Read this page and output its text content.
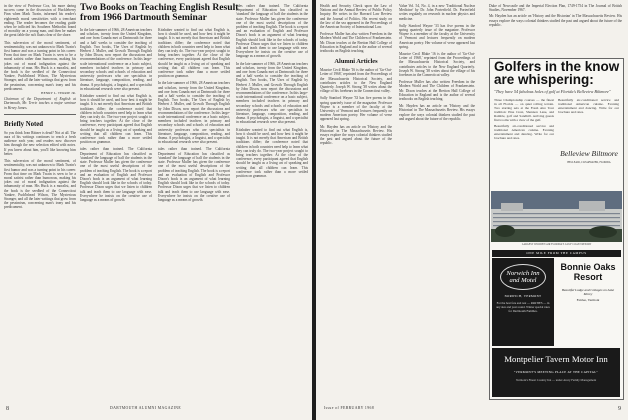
in the view of Professor Cox, his more daring success came in the discussion of Huckleberry Finn when Mark Twain, informed his reader's eighteenth moral sensitivities with a trenchant ending. The reader becomes the reading guide when he inflicted his Southern Methodist brand of morality on a young man, and then he makes the great fable the raft floats clear of the shore.

This subversion of the moral sentiment, of sentimentality, was not unknown to Mark Twain's first humor and was a turning point in his career. From that time on Mark Twain is seen to be a moral satirist rather than humorous, making his jokes out of moral indignation against the inhumanity of man. His Huck is a moralist, and the book is the seedbed of the Connecticut Yankee, Pudd'nhead Wilson, The Mysterious Stranger, and all the later writings that grow from the pessimism, concerning man's irony and his predicament.

HENRY L. TERRIE JR.

Chairman of the Department of English at Dartmouth, Mr. Terrie teaches a major seminar in Henry James.

Briefly Noted

So you think Ivan Rittner is dead? Not at all. The aura of his writings continues to reach a fresh audience each year, and readers now discover him through the new selection edited with notes. If you knew about him, you'll like knowing him better.

This subversion of the moral sentiment, of sentimentality, was not unknown to Mark Twain's first humor and was a turning point in his career. From that time on Mark Twain is seen to be a moral satirist rather than humorous, making his jokes out of moral indignation against the inhumanity of man. His Huck is a moralist, and the book is the seedbed of the Connecticut Yankee, Pudd'nhead Wilson, The Mysterious Stranger, and all the later writings that grow from the pessimism, concerning man's irony and his predicament.

Two Books on Teaching English Result from 1966 Dartmouth Seminar

In the late summer of 1966, 28 American teachers and scholars, twenty from the United Kingdom, and one from Canada met at Dartmouth for three and a half weeks to consider the teaching of English. Two books, The Uses of English by Herbert J. Muller, and Growth Through English by John Dixon, now report the discussions and recommendations of the conference. In this large-scale international conference on a basic subject, members included teachers in primary and secondary schools and schools of education and university professors who are specialists in literature, language, composition, reading, and drama. A psychologist, a linguist, and a specialist in educational research were also present.

Kitzhaber wanted to find out what English is, how it should be used, and how best it might be taught. It is not merely that American and British traditions differ; the conference noted that children in both countries need help to learn what they can truly do. The two-year project sought to bring teachers together. At the close of the conference, every participant agreed that English should be taught as a living art of speaking and writing that all children can learn. This conference took rather than a more settled position on grammar.

tales rather than trained. The California Department of Education has classified as 'standard' the language of half the students in the state. Professor Muller has given the conference one of the most useful descriptions of the problem of teaching English. The book is a report and an evaluation of English and Professor Dixon's book is an argument of what learning English should look like in the schools of today. Professor Dixon urges that we listen to children talk and teach them to use language with ease. Everywhere he insists on the creative use of language as a means of growth.

Kitzhaber wanted to find out what English is, how it should be used, and how best it might be taught. It is not merely that American and British traditions differ; the conference noted that children in both countries need help to learn what they can truly do. The two-year project sought to bring teachers together. At the close of the conference, every participant agreed that English should be taught as a living art of speaking and writing that all children can learn. This conference took rather than a more settled position on grammar.

In the late summer of 1966, 28 American teachers and scholars, twenty from the United Kingdom, and one from Canada met at Dartmouth for three and a half weeks to consider the teaching of English. Two books, The Uses of English by Herbert J. Muller, and Growth Through English by John Dixon, now report the discussions and recommendations of the conference. In this large-scale international conference on a basic subject, members included teachers in primary and secondary schools and schools of education and university professors who are specialists in literature, language, composition, reading, and drama. A psychologist, a linguist, and a specialist in educational research were also present.

tales rather than trained. The California Department of Education has classified as 'standard' the language of half the students in the state. Professor Muller has given the conference one of the most useful descriptions of the problem of teaching English. The book is a report and an evaluation of English and Professor Dixon's book is an argument of what learning English should look like in the schools of today. Professor Dixon urges that we listen to children talk and teach them to use language with ease. Everywhere he insists on the creative use of language as a means of growth.

tales rather than trained. The California Department of Education has classified as 'standard' the language of half the students in the state. Professor Muller has given the conference one of the most useful descriptions of the problem of teaching English. The book is a report and an evaluation of English and Professor Dixon's book is an argument of what learning English should look like in the schools of today. Professor Dixon urges that we listen to children talk and teach them to use language with ease. Everywhere he insists on the creative use of language as a means of growth.

In the late summer of 1966, 28 American teachers and scholars, twenty from the United Kingdom, and one from Canada met at Dartmouth for three and a half weeks to consider the teaching of English. Two books, The Uses of English by Herbert J. Muller, and Growth Through English by John Dixon, now report the discussions and recommendations of the conference. In this large-scale international conference on a basic subject, members included teachers in primary and secondary schools and schools of education and university professors who are specialists in literature, language, composition, reading, and drama. A psychologist, a linguist, and a specialist in educational research were also present.

Kitzhaber wanted to find out what English is, how it should be used, and how best it might be taught. It is not merely that American and British traditions differ; the conference noted that children in both countries need help to learn what they can truly do. The two-year project sought to bring teachers together. At the close of the conference, every participant agreed that English should be taught as a living art of speaking and writing that all children can learn. This conference took rather than a more settled position on grammar.

8	DARTMOUTH ALUMNI MAGAZINE

Health and Security Check upon the Law of Nations and the Annual Review of Public Policy Inquiry. He writes in the Harvard Law Review and the Journal of Politics. His recent study on the law of the sea appeared in the Proceedings of the American Society of International Law.

Professor Muller has also written Freedom in the Modern World and The Children of Frankenstein. Mr. Dixon teaches at the Bretton Hall College of Education in England and is the author of several textbooks on English teaching.

Alumni Articles

Maurice Cecil Blake '16 is the author of 'Go-Out-Letter of 1968,' reprinted from the Proceedings of the Massachusetts Historical Society, and contributes articles to the New England Quarterly. Joseph W. Strong '38 writes about the village of his forebears in the Connecticut valley.

Sully Stanford Wayne '33 has five poems in the spring quarterly issue of the magazine. Professor Wayne is a member of the faculty at the University of Vermont and lectures frequently on modern American poetry. Her volume of verse appeared last spring.

Mr. Hayden has an article on 'History and the Historian' in The Massachusetts Review. His essays explore the ways colonial thinkers studied the past and argued about the future of the republic.

Value Vol. 54, No. 4, in a new 'Traditional Nuclear Medicine' by Dr. John Porterfield. Dr. Porterfield writes regularly on research in nuclear physics and medicine.

Sully Stanford Wayne '33 has five poems in the spring quarterly issue of the magazine. Professor Wayne is a member of the faculty at the University of Vermont and lectures frequently on modern American poetry. Her volume of verse appeared last spring.

Maurice Cecil Blake '16 is the author of 'Go-Out-Letter of 1968,' reprinted from the Proceedings of the Massachusetts Historical Society, and contributes articles to the New England Quarterly. Joseph W. Strong '38 writes about the village of his forebears in the Connecticut valley.

Professor Muller has also written Freedom in the Modern World and The Children of Frankenstein. Mr. Dixon teaches at the Bretton Hall College of Education in England and is the author of several textbooks on English teaching.

Mr. Hayden has an article on 'History and the Historian' in The Massachusetts Review. His essays explore the ways colonial thinkers studied the past and argued about the future of the republic.

Duke of Newcastle and the Imperial Election Plan, 1749-1754 in The Journal of British Studies, November 1967.

Mr. Hayden has an article on 'History and the Historian' in The Massachusetts Review. His essays explore the ways colonial thinkers studied the past and argued about the future of the republic.

Golfers in the know are whispering:
"They have 54 fabulous holes of golf at Florida's Belleview Biltmore"

Three Championship courses — the finest in all Florida — on quiet rolling terrain. Two starting sets at the Fresh Aire Tour tradition: Pine Crest, Shannon Lane, and Ramble, golf and Sandhill. Arriving guests find rooms with a view of the gulf.

Beautifully air-conditioned service and traditional American cuisine. Evening entertainment and dancing. Write for our brochure and rates.

Beautifully air-conditioned service and traditional American cuisine. Evening entertainment and dancing. Write for our brochure and rates.

Belleview Biltmore
BELLEAIR, CLEARWATER, FLORIDA
LARGEST WOODEN AIR FLORIDA'S GULF COAST RESORT
ONE MILE FROM THE CAMPUS
Norwich Inn and Motel
NORWICH, VERMONT
For the best fare and rest — PARTIES — in any size and year round. Winter special rates for Dartmouth Families.
Bonnie Oaks Resort
Beautiful Lodge and Cottages on Lake Morey
Fairlee, Vermont
Montpelier Tavern Motor Inn
"VERMONT'S MEETING PLACE AT THE CAPITAL"
Vermont's Finest Country Inn — under Avery Family Management
Issue of FEBRUARY 1968	9
